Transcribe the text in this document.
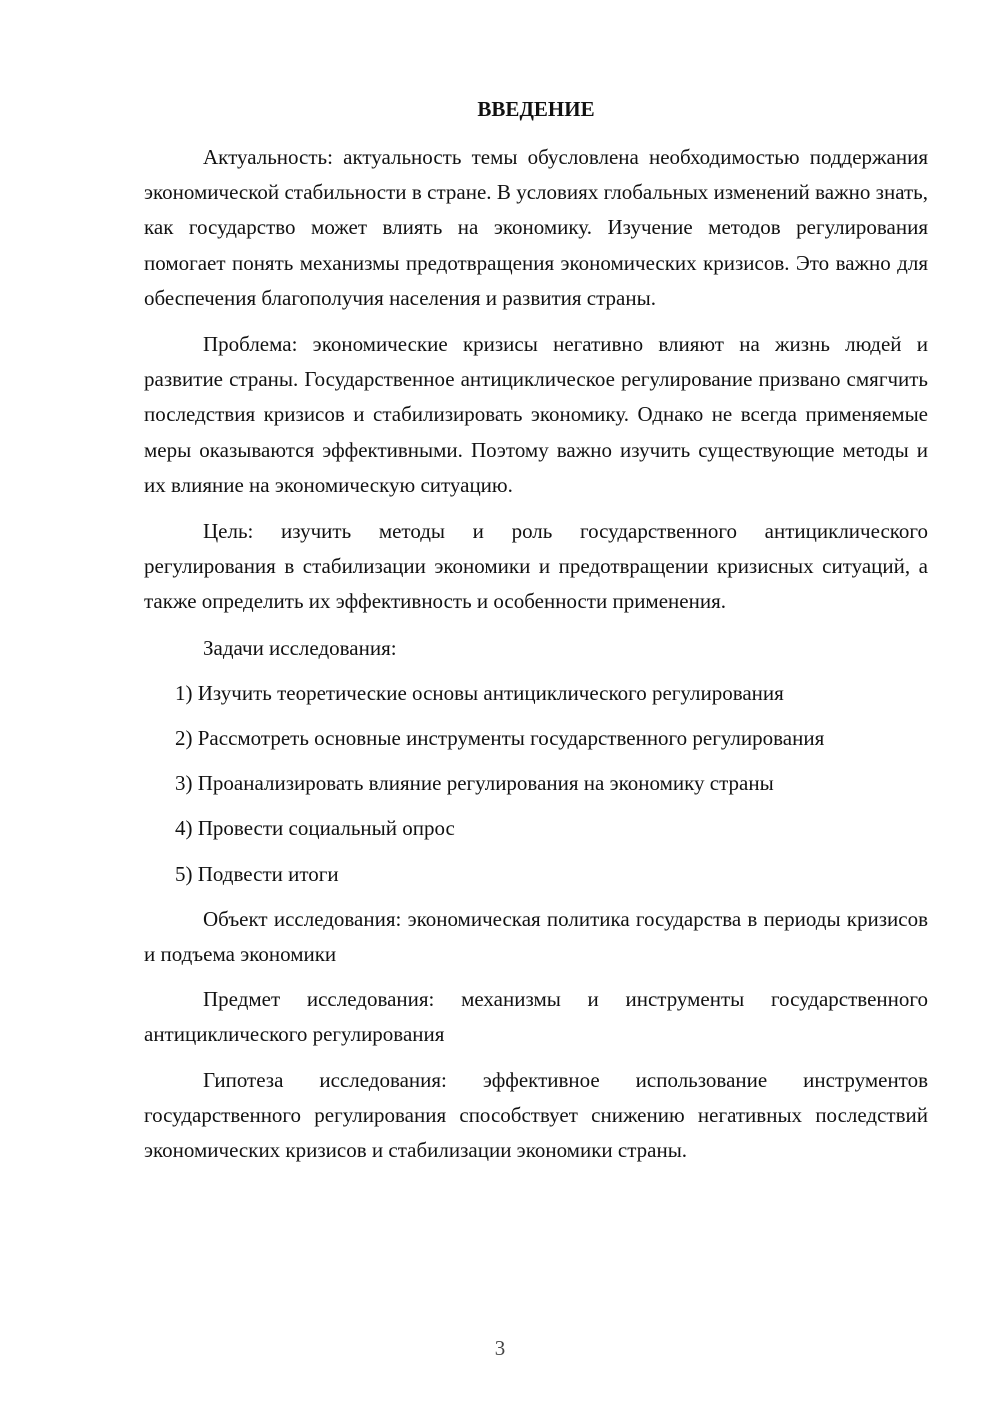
ВВЕДЕНИЕ

Актуальность: актуальность темы обусловлена необходимостью поддержания экономической стабильности в стране. В условиях глобальных изменений важно знать, как государство может влиять на экономику. Изучение методов регулирования помогает понять механизмы предотвращения экономических кризисов. Это важно для обеспечения благополучия населения и развития страны.

Проблема: экономические кризисы негативно влияют на жизнь людей и развитие страны. Государственное антициклическое регулирование призвано смягчить последствия кризисов и стабилизировать экономику. Однако не всегда применяемые меры оказываются эффективными. Поэтому важно изучить существующие методы и их влияние на экономическую ситуацию.

Цель: изучить методы и роль государственного антициклического регулирования в стабилизации экономики и предотвращении кризисных ситуаций, а также определить их эффективность и особенности применения.

Задачи исследования:

1) Изучить теоретические основы антициклического регулирования

2) Рассмотреть основные инструменты государственного регулирования

3) Проанализировать влияние регулирования на экономику страны

4) Провести социальный опрос

5) Подвести итоги

Объект исследования: экономическая политика государства в периоды кризисов и подъема экономики

Предмет исследования: механизмы и инструменты государственного антициклического регулирования

Гипотеза исследования: эффективное использование инструментов государственного регулирования способствует снижению негативных последствий экономических кризисов и стабилизации экономики страны.

3
